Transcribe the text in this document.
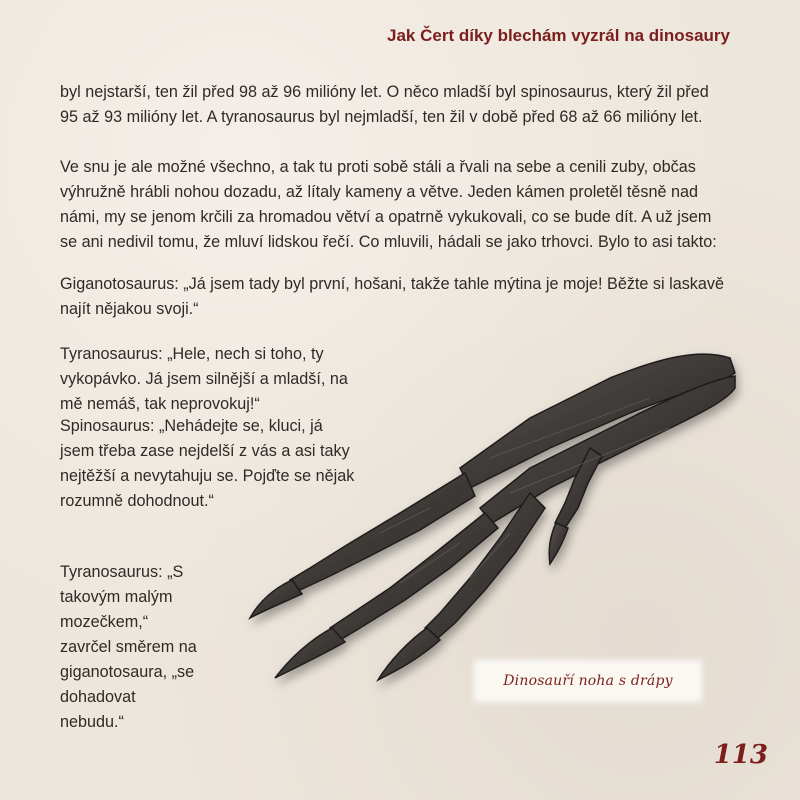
Jak Čert díky blechám vyzrál na dinosaury

byl nejstarší, ten žil před 98 až 96 milióny let. O něco mladší byl spinosaurus, který žil před 95 až 93 milióny let. A tyranosaurus byl nejmladší, ten žil v době před 68 až 66 milióny let.

Ve snu je ale možné všechno, a tak tu proti sobě stáli a řvali na sebe a cenili zuby, občas výhružně hrábli nohou dozadu, až lítaly kameny a větve. Jeden kámen proletěl těsně nad námi, my se jenom krčili za hromadou větví a opatrně vykukovali, co se bude dít. A už jsem se ani nedivil tomu, že mluví lidskou řečí. Co mluvili, hádali se jako trhovci. Bylo to asi takto:

Giganotosaurus: „Já jsem tady byl první, hošani, takže tahle mýtina je moje! Běžte si laskavě najít nějakou svoji.“

Tyranosaurus: „Hele, nech si toho, ty vykopávko. Já jsem silnější a mladší, na mě nemáš, tak neprovokuj!“

Spinosaurus: „Nehádejte se, kluci, já jsem třeba zase nejdelší z vás a asi taky nejtěžší a nevytahuju se. Pojďte se nějak rozumně dohodnout.“

Tyranosaurus: „S takovým malým mozečkem,“ zavrčel směrem na giganotosaura, „se dohadovat nebudu.“

Dinosauří noha s drápy
113
